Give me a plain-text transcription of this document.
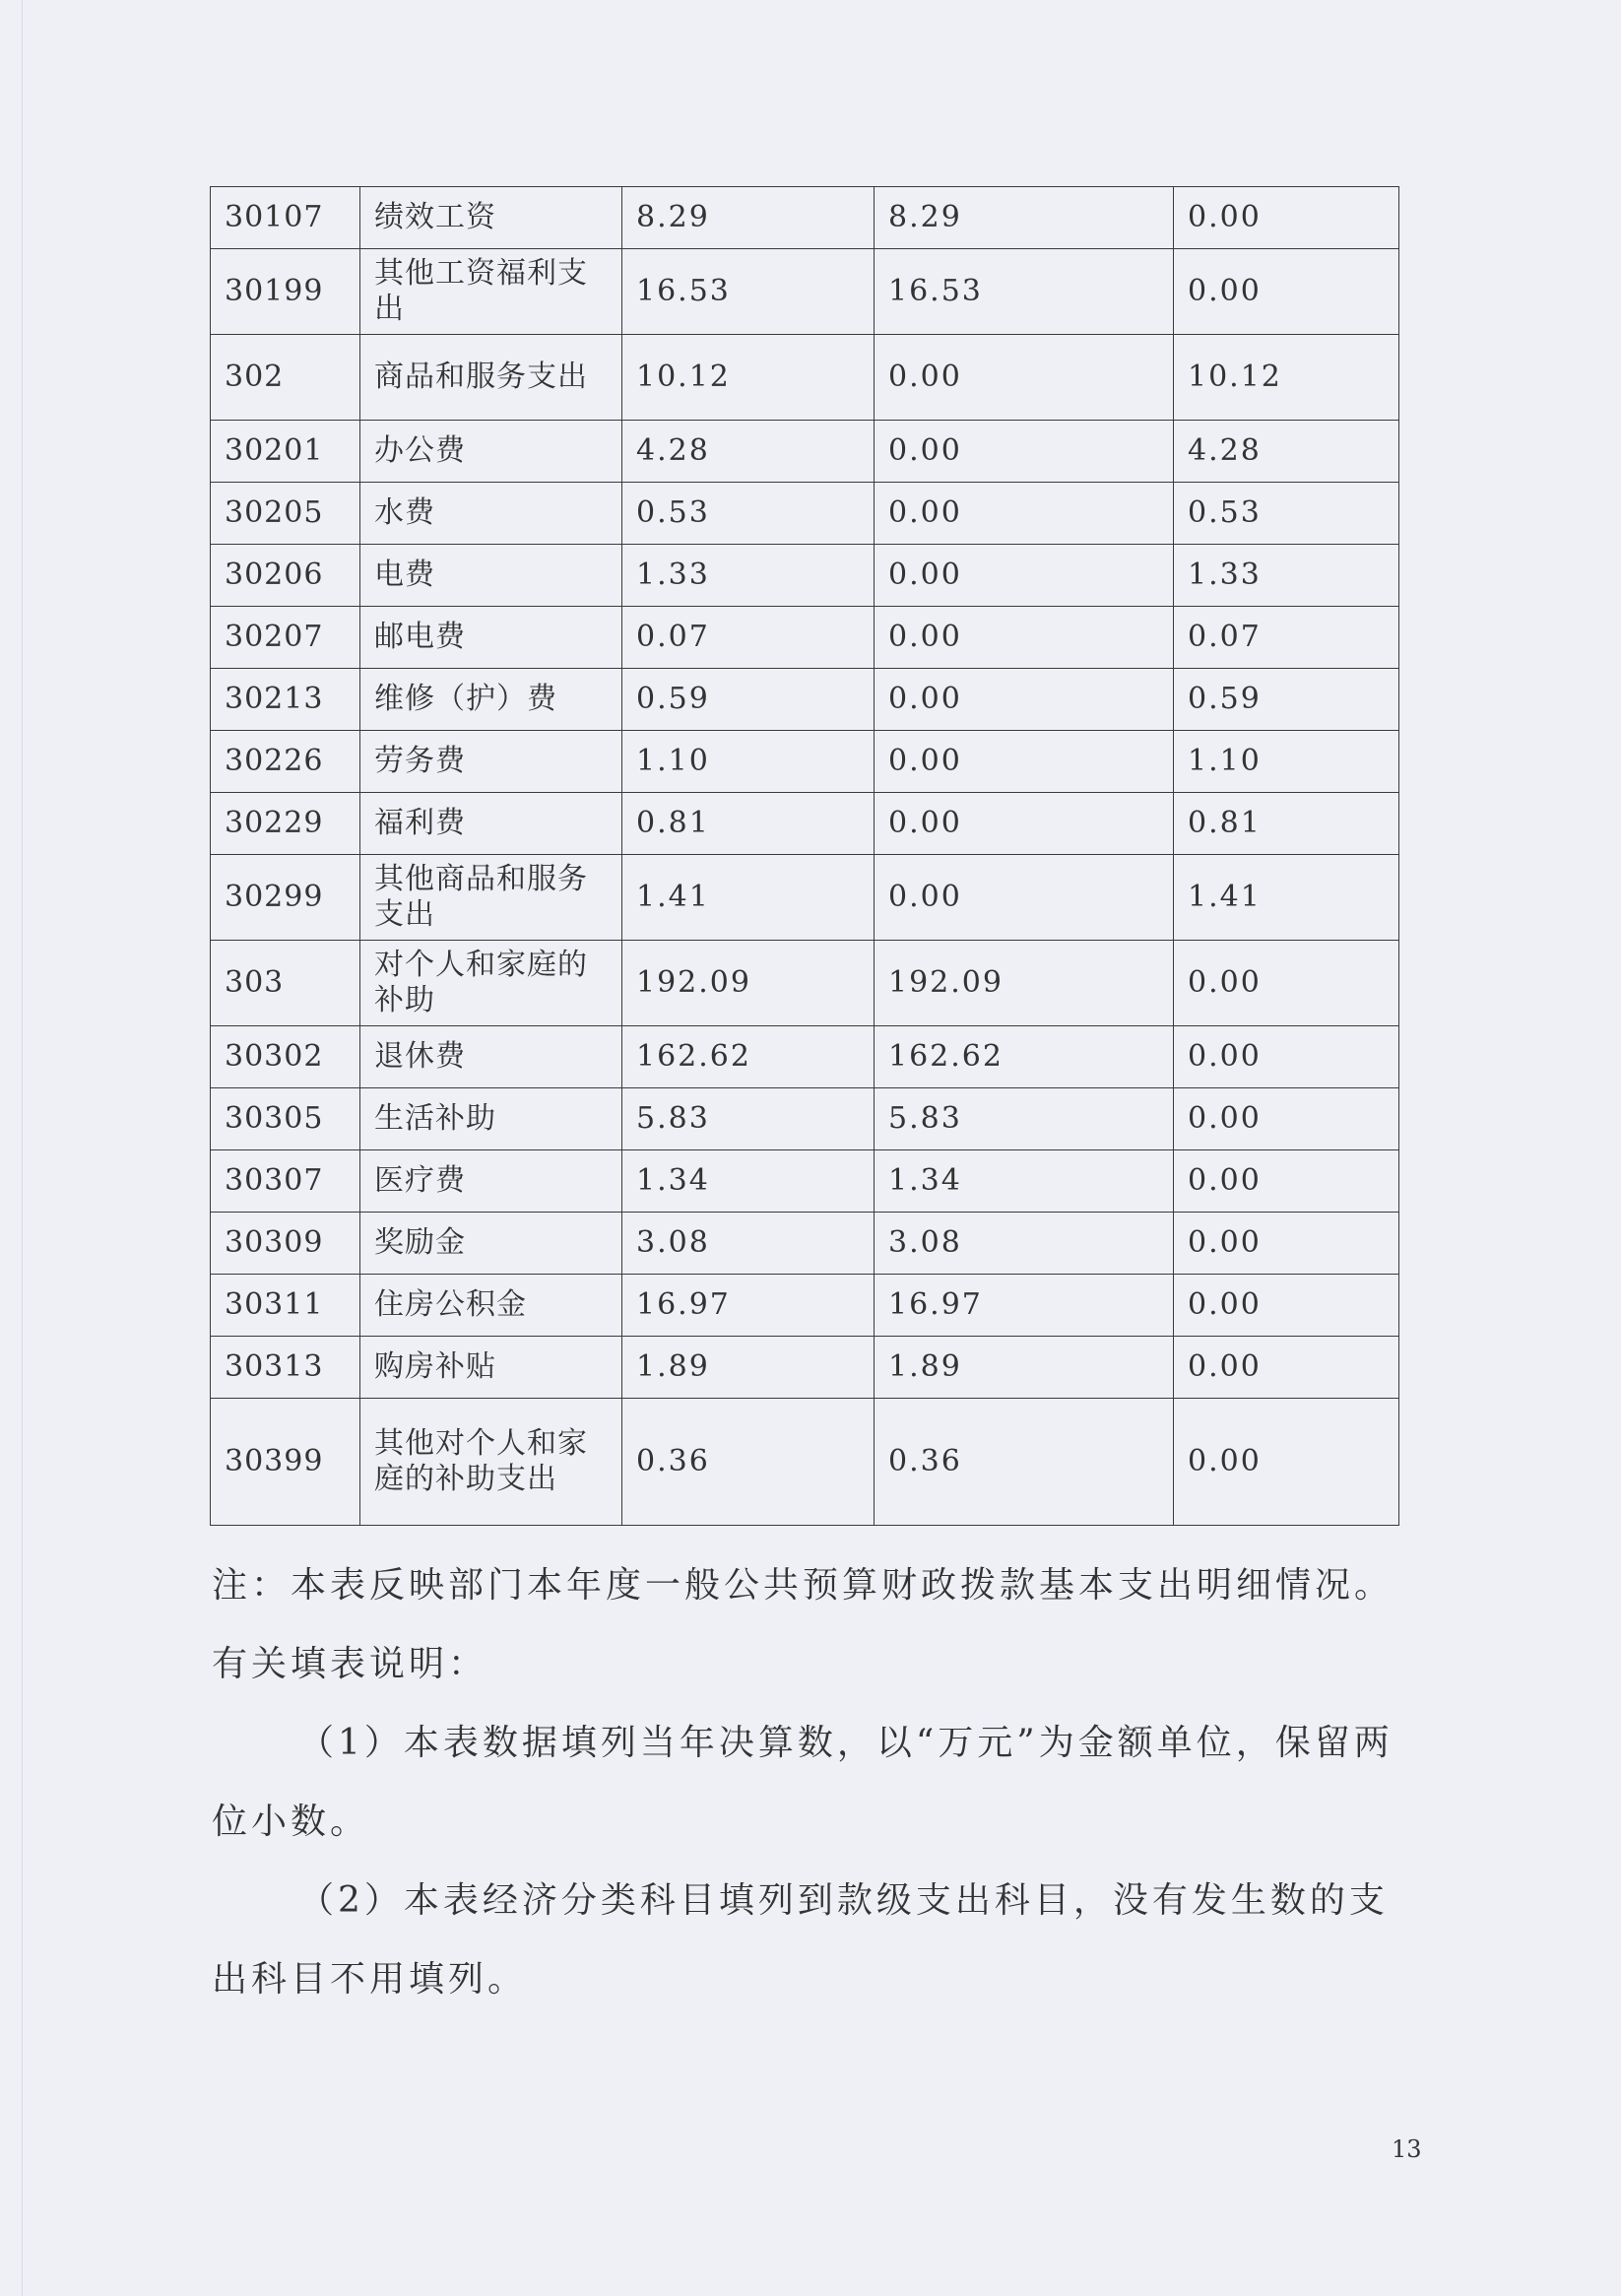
30107	绩效工资	8.29	8.29	0.00
30199	其他工资福利支出	16.53	16.53	0.00
302	商品和服务支出	10.12	0.00	10.12
30201	办公费	4.28	0.00	4.28
30205	水费	0.53	0.00	0.53
30206	电费	1.33	0.00	1.33
30207	邮电费	0.07	0.00	0.07
30213	维修（护）费	0.59	0.00	0.59
30226	劳务费	1.10	0.00	1.10
30229	福利费	0.81	0.00	0.81
30299	其他商品和服务支出	1.41	0.00	1.41
303	对个人和家庭的补助	192.09	192.09	0.00
30302	退休费	162.62	162.62	0.00
30305	生活补助	5.83	5.83	0.00
30307	医疗费	1.34	1.34	0.00
30309	奖励金	3.08	3.08	0.00
30311	住房公积金	16.97	16.97	0.00
30313	购房补贴	1.89	1.89	0.00
30399	其他对个人和家庭的补助支出	0.36	0.36	0.00

注：本表反映部门本年度一般公共预算财政拨款基本支出明细情况。有关填表说明：

（1）本表数据填列当年决算数，以“万元”为金额单位，保留两位小数。

（2）本表经济分类科目填列到款级支出科目，没有发生数的支出科目不用填列。

13
